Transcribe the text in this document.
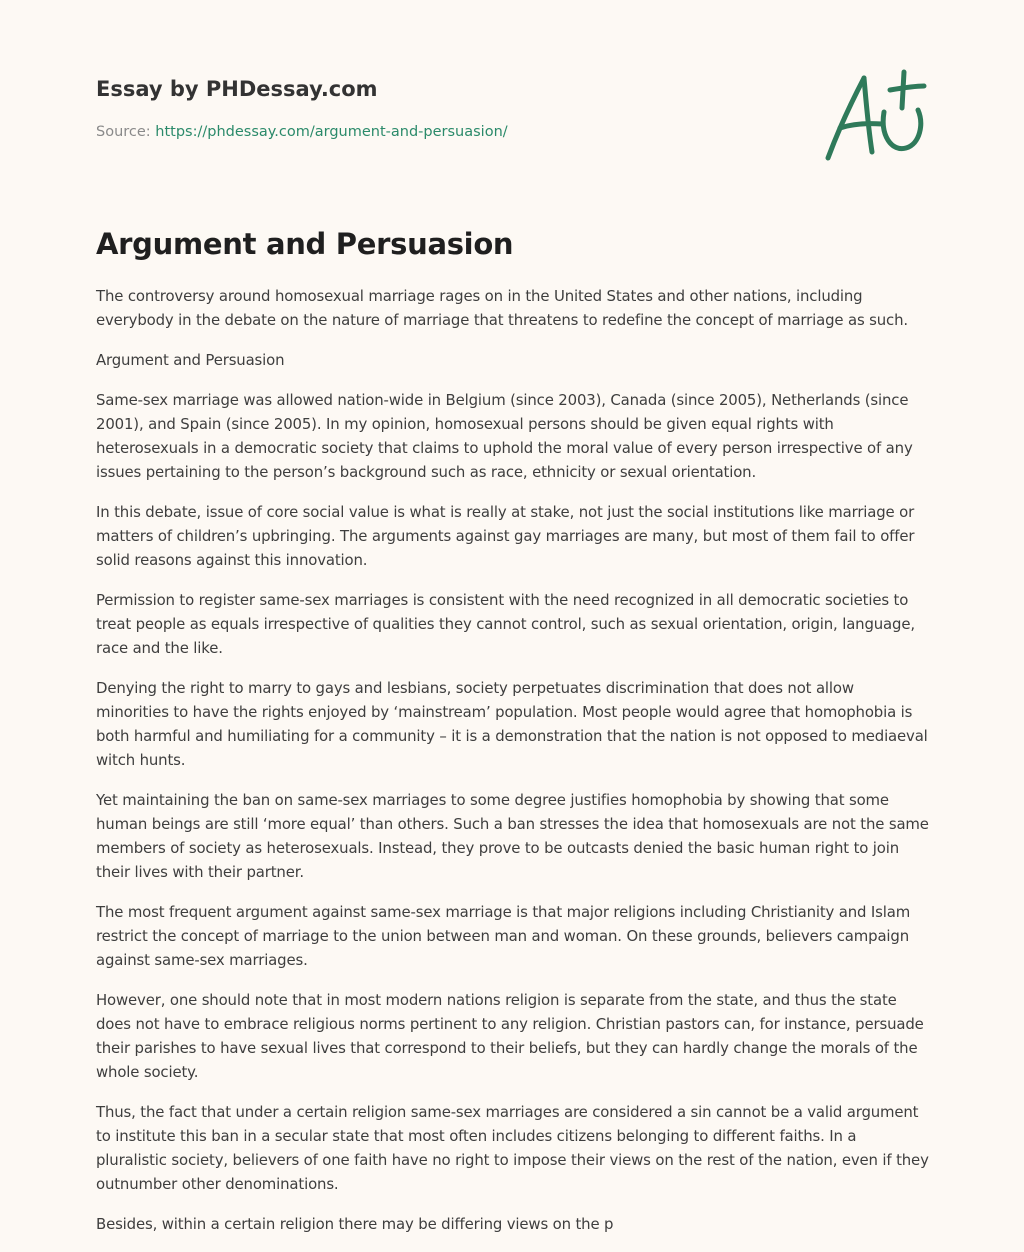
Essay by PHDessay.com
Source: https://phdessay.com/argument-and-persuasion/
Argument and Persuasion

The controversy around homosexual marriage rages on in the United States and other nations, including everybody in the debate on the nature of marriage that threatens to redefine the concept of marriage as such.

Argument and Persuasion

Same-sex marriage was allowed nation-wide in Belgium (since 2003), Canada (since 2005), Netherlands (since 2001), and Spain (since 2005). In my opinion, homosexual persons should be given equal rights with heterosexuals in a democratic society that claims to uphold the moral value of every person irrespective of any issues pertaining to the person’s background such as race, ethnicity or sexual orientation.

In this debate, issue of core social value is what is really at stake, not just the social institutions like marriage or matters of children’s upbringing. The arguments against gay marriages are many, but most of them fail to offer solid reasons against this innovation.

Permission to register same-sex marriages is consistent with the need recognized in all democratic societies to treat people as equals irrespective of qualities they cannot control, such as sexual orientation, origin, language, race and the like.

Denying the right to marry to gays and lesbians, society perpetuates discrimination that does not allow minorities to have the rights enjoyed by ‘mainstream’ population. Most people would agree that homophobia is both harmful and humiliating for a community – it is a demonstration that the nation is not opposed to mediaeval witch hunts.

Yet maintaining the ban on same-sex marriages to some degree justifies homophobia by showing that some human beings are still ‘more equal’ than others. Such a ban stresses the idea that homosexuals are not the same members of society as heterosexuals. Instead, they prove to be outcasts denied the basic human right to join their lives with their partner.

The most frequent argument against same-sex marriage is that major religions including Christianity and Islam restrict the concept of marriage to the union between man and woman. On these grounds, believers campaign against same-sex marriages.

However, one should note that in most modern nations religion is separate from the state, and thus the state does not have to embrace religious norms pertinent to any religion. Christian pastors can, for instance, persuade their parishes to have sexual lives that correspond to their beliefs, but they can hardly change the morals of the whole society.

Thus, the fact that under a certain religion same-sex marriages are considered a sin cannot be a valid argument to institute this ban in a secular state that most often includes citizens belonging to different faiths. In a pluralistic society, believers of one faith have no right to impose their views on the rest of the nation, even if they outnumber other denominations.

Besides, within a certain religion there may be differing views on the p
